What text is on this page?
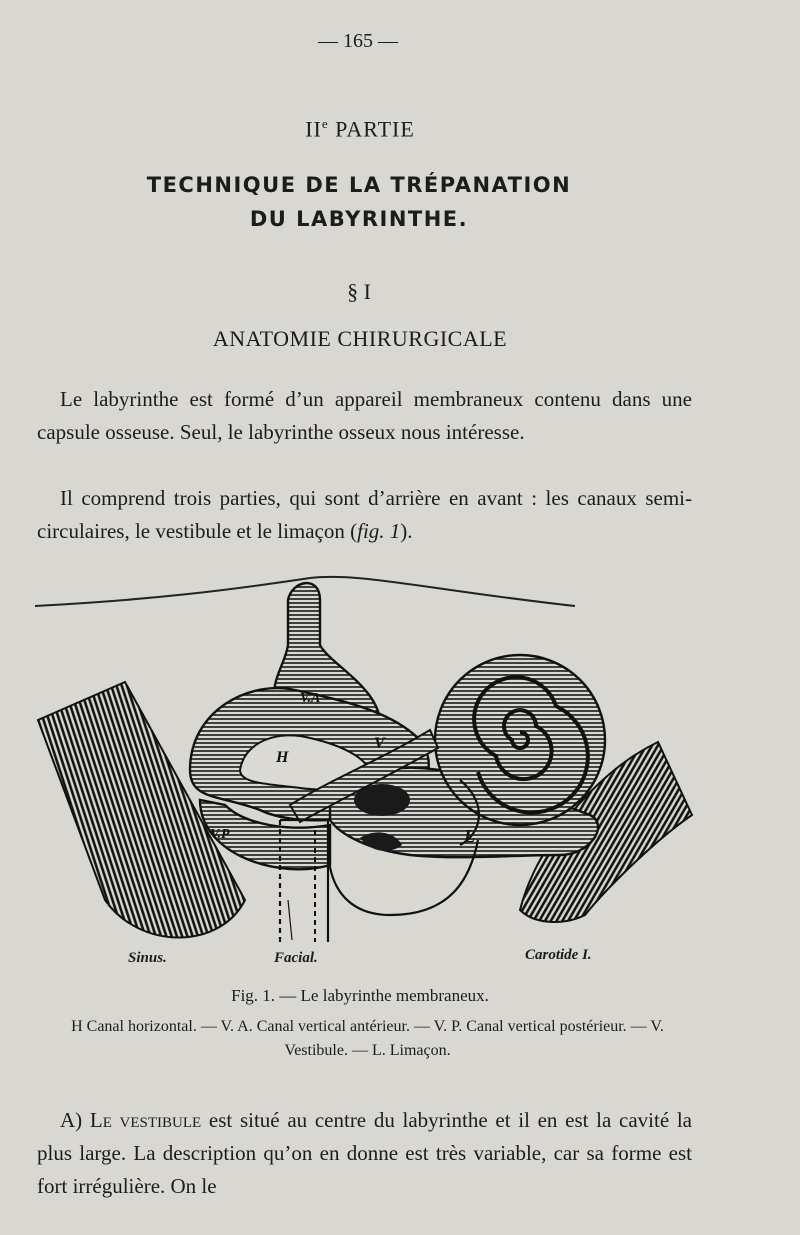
— 165 —
IIe PARTIE
TECHNIQUE DE LA TRÉPANATION
DU LABYRINTHE.
§ I
ANATOMIE CHIRURGICALE
Le labyrinthe est formé d’un appareil membraneux contenu dans une capsule osseuse. Seul, le labyrinthe osseux nous intéresse.
Il comprend trois parties, qui sont d’arrière en avant : les canaux semi-circulaires, le vestibule et le limaçon (fig. 1).
V.A
H
V
V.P	L
Sinus.	Facial.	Carotide I.
Fig. 1. — Le labyrinthe membraneux.
H Canal horizontal. — V. A. Canal vertical antérieur. — V. P. Canal vertical postérieur. — V. Vestibule. — L. Limaçon.
A) Le vestibule est situé au centre du labyrinthe et il en est la cavité la plus large. La description qu’on en donne est très variable, car sa forme est fort irrégulière. On le
